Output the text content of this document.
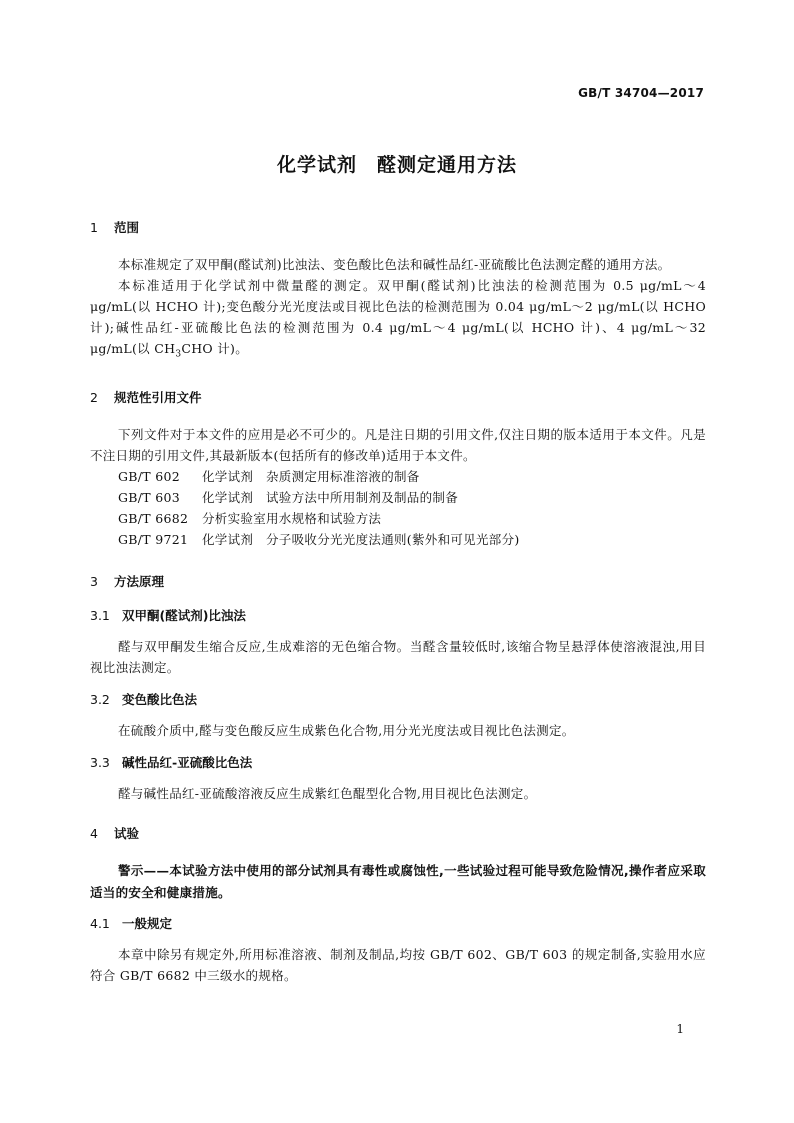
GB/T 34704—2017
化学试剂　醛测定通用方法
1	范围

本标准规定了双甲酮(醛试剂)比浊法、变色酸比色法和碱性品红-亚硫酸比色法测定醛的通用方法。

本标准适用于化学试剂中微量醛的测定。双甲酮(醛试剂)比浊法的检测范围为 0.5 μg/mL～4 μg/mL(以 HCHO 计);变色酸分光光度法或目视比色法的检测范围为 0.04 μg/mL～2 μg/mL(以 HCHO 计);碱性品红-亚硫酸比色法的检测范围为 0.4 μg/mL～4 μg/mL(以 HCHO 计)、4 μg/mL～32 μg/mL(以 $CH_3CHO$ 计)。

2	规范性引用文件

下列文件对于本文件的应用是必不可少的。凡是注日期的引用文件,仅注日期的版本适用于本文件。凡是不注日期的引用文件,其最新版本(包括所有的修改单)适用于本文件。

GB/T 602 化学试剂　杂质测定用标准溶液的制备
GB/T 603 化学试剂　试验方法中所用制剂及制品的制备
GB/T 6682 分析实验室用水规格和试验方法
GB/T 9721 化学试剂　分子吸收分光光度法通则(紫外和可见光部分)
3	方法原理
3.1 双甲酮(醛试剂)比浊法

醛与双甲酮发生缩合反应,生成难溶的无色缩合物。当醛含量较低时,该缩合物呈悬浮体使溶液混浊,用目视比浊法测定。

3.2 变色酸比色法

在硫酸介质中,醛与变色酸反应生成紫色化合物,用分光光度法或目视比色法测定。

3.3 碱性品红-亚硫酸比色法

醛与碱性品红-亚硫酸溶液反应生成紫红色醌型化合物,用目视比色法测定。

4	试验
警示——本试验方法中使用的部分试剂具有毒性或腐蚀性,一些试验过程可能导致危险情况,操作者应采取适当的安全和健康措施。
4.1 一般规定

本章中除另有规定外,所用标准溶液、制剂及制品,均按 GB/T 602、GB/T 603 的规定制备,实验用水应符合 GB/T 6682 中三级水的规格。

1
